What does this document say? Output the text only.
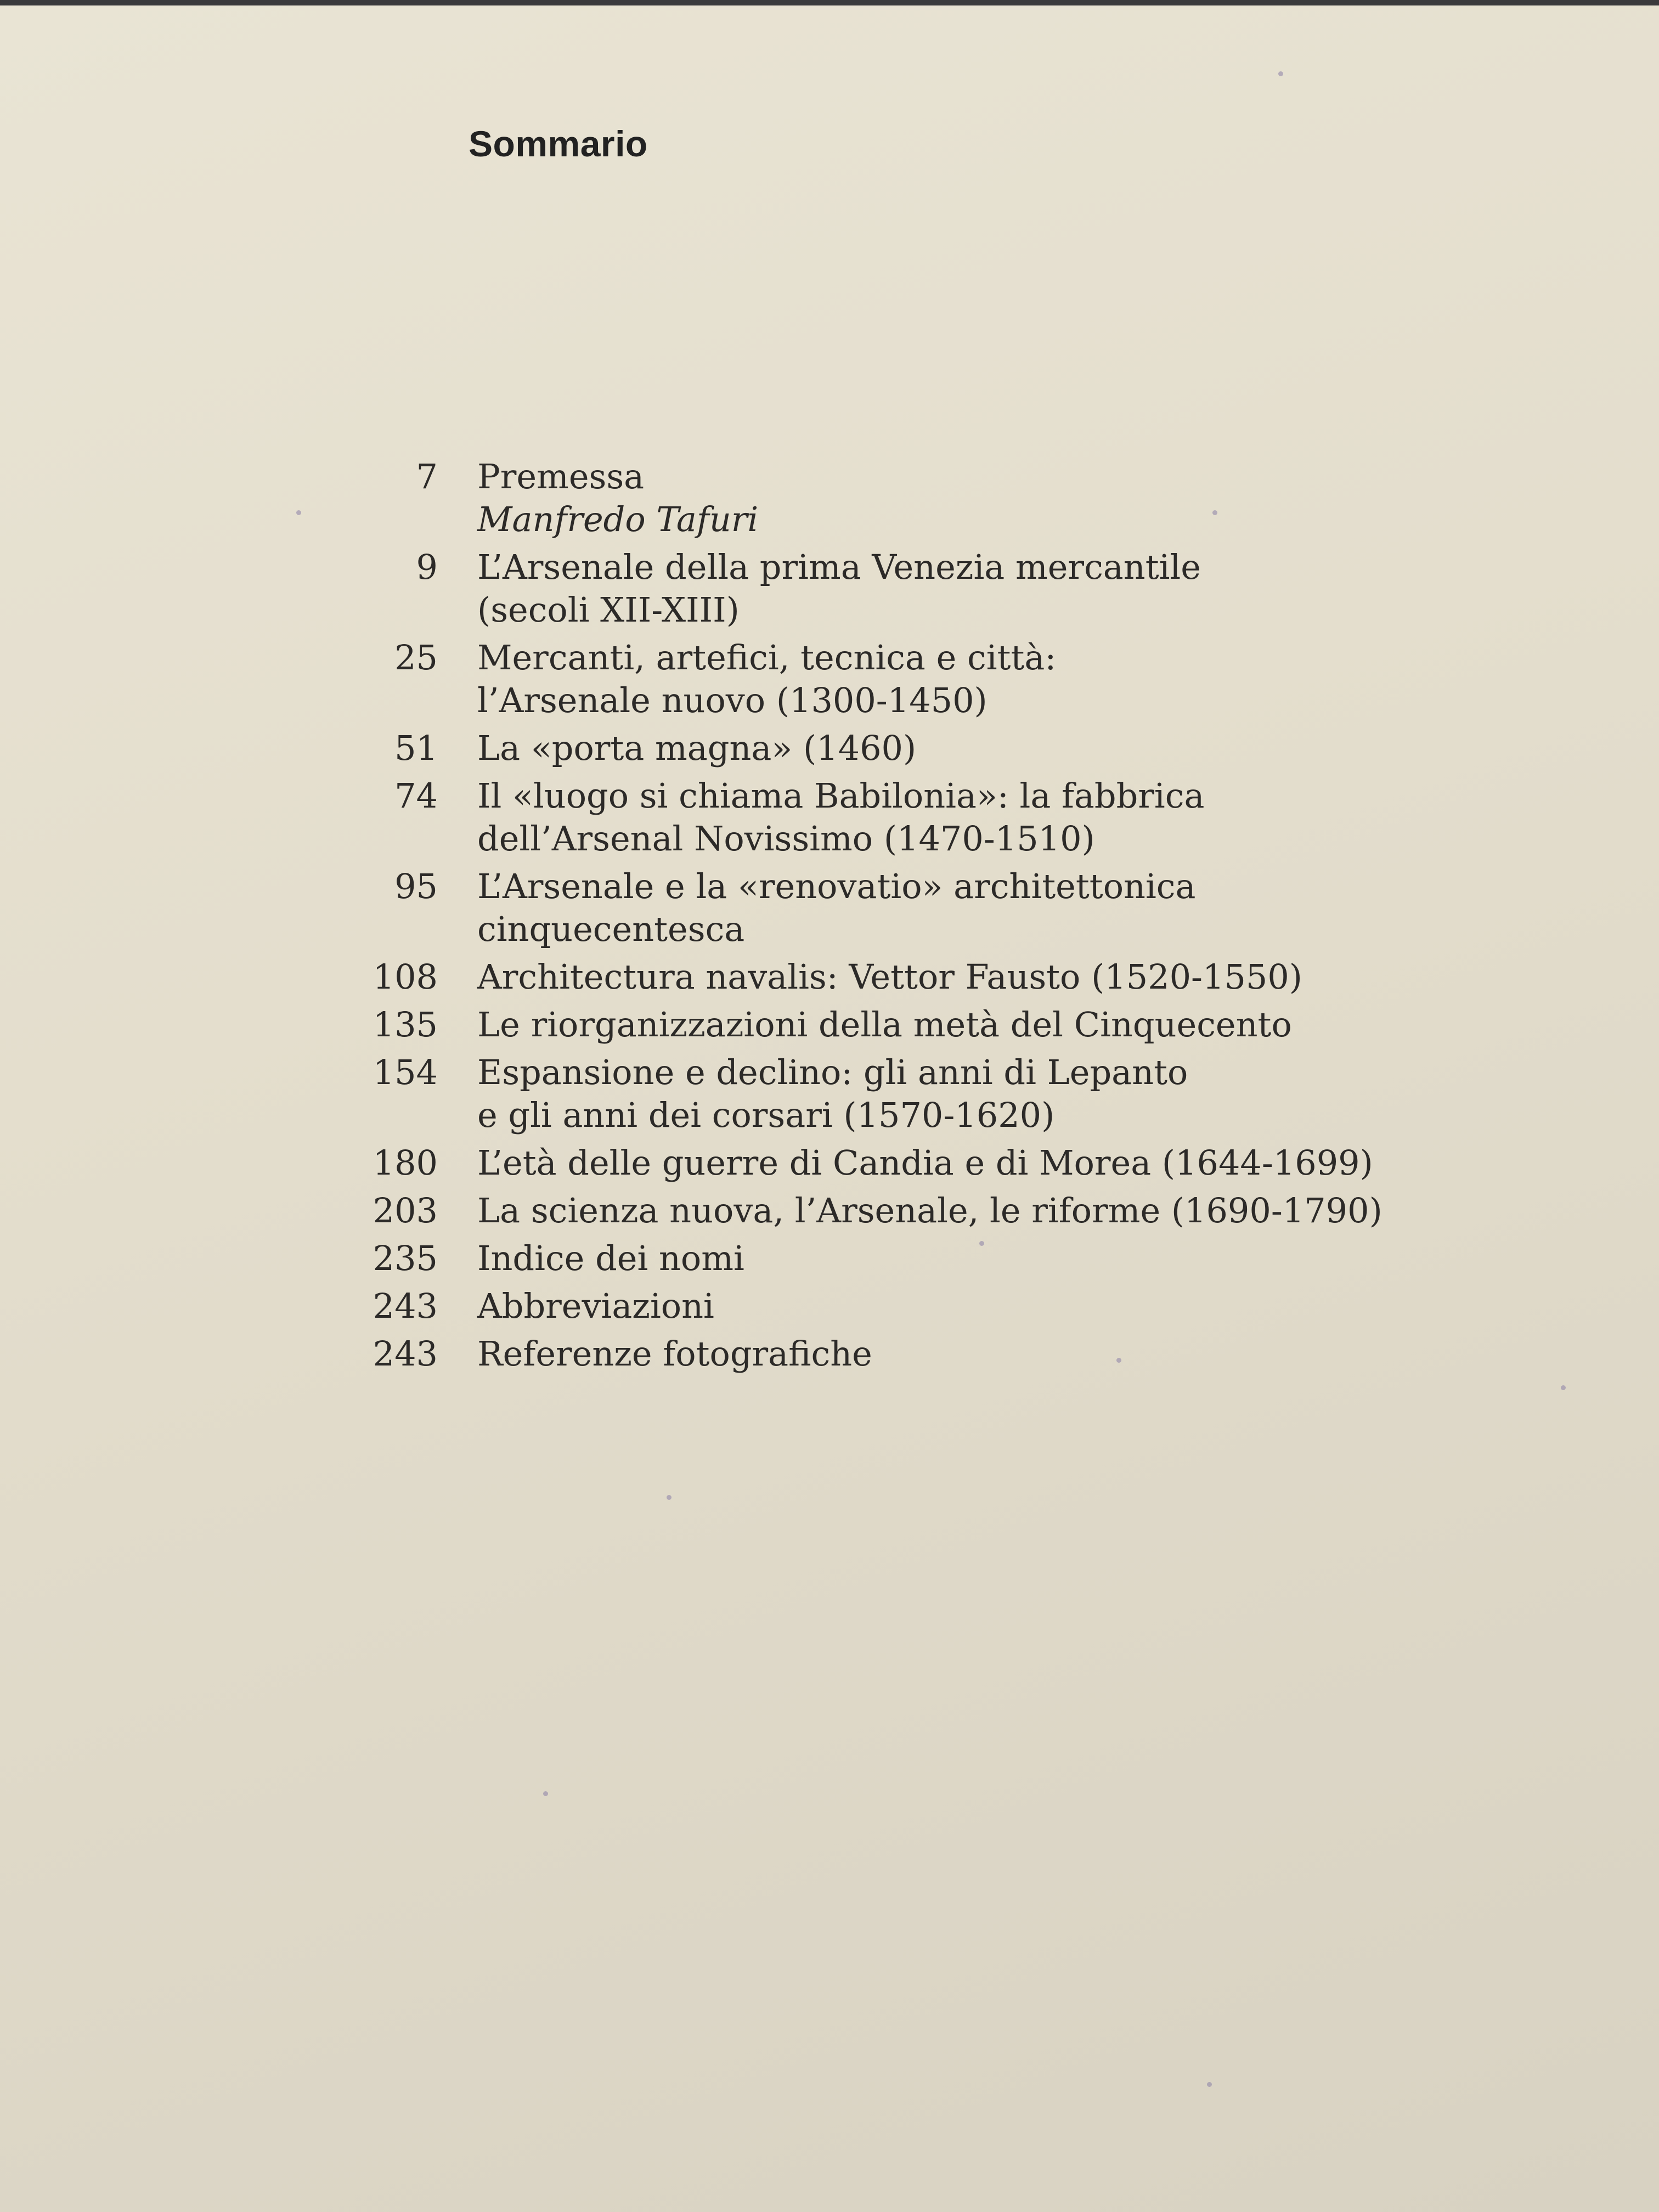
Sommario
7 Premessa
Manfredo Tafuri
9 L’Arsenale della prima Venezia mercantile
(secoli XII-XIII)
25 Mercanti, artefici, tecnica e città:
l’Arsenale nuovo (1300-1450)
51 La «porta magna» (1460)
74 Il «luogo si chiama Babilonia»: la fabbrica
dell’Arsenal Novissimo (1470-1510)
95 L’Arsenale e la «renovatio» architettonica
cinquecentesca
108 Architectura navalis: Vettor Fausto (1520-1550)
135 Le riorganizzazioni della metà del Cinquecento
154 Espansione e declino: gli anni di Lepanto
e gli anni dei corsari (1570-1620)
180 L’età delle guerre di Candia e di Morea (1644-1699)
203 La scienza nuova, l’Arsenale, le riforme (1690-1790)
235 Indice dei nomi
243 Abbreviazioni
243 Referenze fotografiche
